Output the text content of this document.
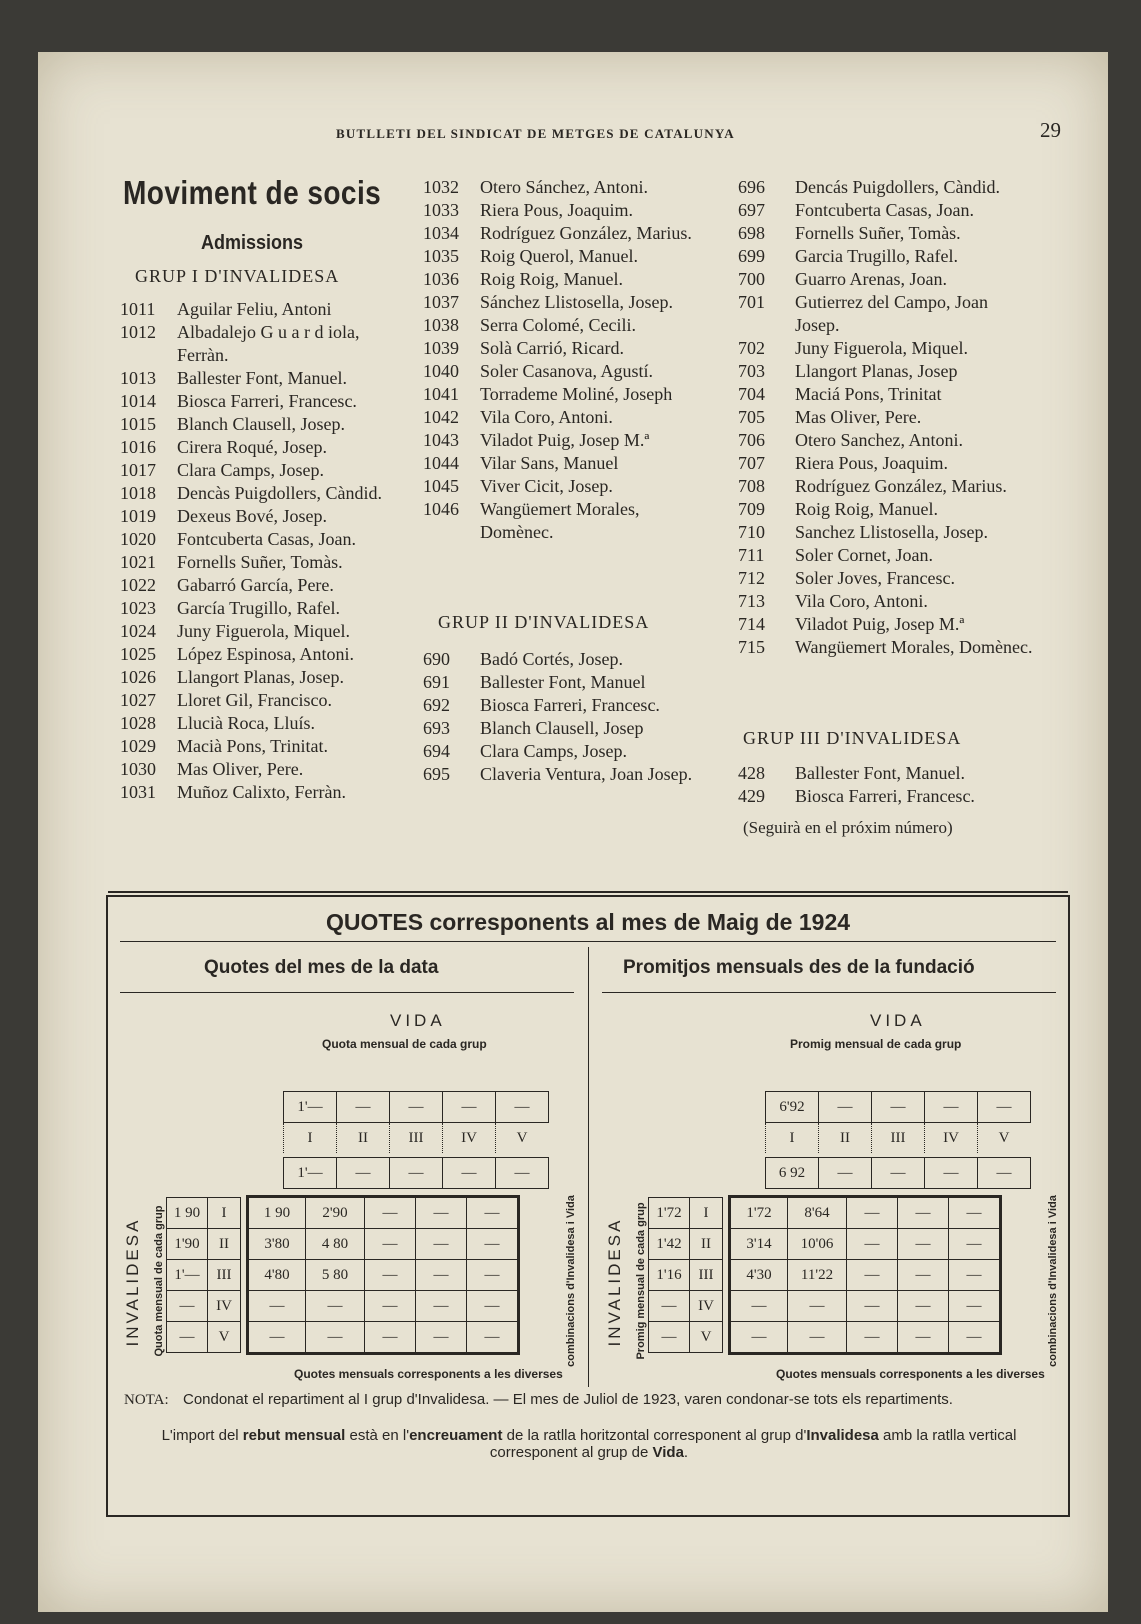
BUTLLETI DEL SINDICAT DE METGES DE CATALUNYA	29
Moviment de socis
Admissions
GRUP I D'INVALIDESA
1011	Aguilar Feliu, Antoni
1012	Albadalejo G u a r d iola, Ferràn.
1013	Ballester Font, Manuel.
1014	Biosca Farreri, Francesc.
1015	Blanch Clausell, Josep.
1016	Cirera Roqué, Josep.
1017	Clara Camps, Josep.
1018	Dencàs Puigdollers, Càndid.
1019	Dexeus Bové, Josep.
1020	Fontcuberta Casas, Joan.
1021	Fornells Suñer, Tomàs.
1022	Gabarró García, Pere.
1023	García Trugillo, Rafel.
1024	Juny Figuerola, Miquel.
1025	López Espinosa, Antoni.
1026	Llangort Planas, Josep.
1027	Lloret Gil, Francisco.
1028	Llucià Roca, Lluís.
1029	Macià Pons, Trinitat.
1030	Mas Oliver, Pere.
1031	Muñoz Calixto, Ferràn.
1032	Otero Sánchez, Antoni.
1033	Riera Pous, Joaquim.
1034	Rodríguez González, Marius.
1035	Roig Querol, Manuel.
1036	Roig Roig, Manuel.
1037	Sánchez Llistosella, Josep.
1038	Serra Colomé, Cecili.
1039	Solà Carrió, Ricard.
1040	Soler Casanova, Agustí.
1041	Torrademe Moliné, Joseph
1042	Vila Coro, Antoni.
1043	Viladot Puig, Josep M.ª
1044	Vilar Sans, Manuel
1045	Viver Cicit, Josep.
1046	Wangüemert Morales, Domènec.
GRUP II D'INVALIDESA
690	Badó Cortés, Josep.
691	Ballester Font, Manuel
692	Biosca Farreri, Francesc.
693	Blanch Clausell, Josep
694	Clara Camps, Josep.
695	Claveria Ventura, Joan Josep.
696	Dencás Puigdollers, Càndid.
697	Fontcuberta Casas, Joan.
698	Fornells Suñer, Tomàs.
699	Garcia Trugillo, Rafel.
700	Guarro Arenas, Joan.
701	Gutierrez del Campo, Joan Josep.
702	Juny Figuerola, Miquel.
703	Llangort Planas, Josep
704	Maciá Pons, Trinitat
705	Mas Oliver, Pere.
706	Otero Sanchez, Antoni.
707	Riera Pous, Joaquim.
708	Rodríguez González, Marius.
709	Roig Roig, Manuel.
710	Sanchez Llistosella, Josep.
711	Soler Cornet, Joan.
712	Soler Joves, Francesc.
713	Vila Coro, Antoni.
714	Viladot Puig, Josep M.ª
715	Wangüemert Morales, Domènec.
GRUP III D'INVALIDESA
428	Ballester Font, Manuel.
429	Biosca Farreri, Francesc.
(Seguirà en el próxim número)
QUOTES corresponents al mes de Maig de 1924
Quotes del mes de la data	Promitjos mensuals des de la fundació
VIDA
Quota mensual de cada grup
VIDA
Promig mensual de cada grup
1'—	—	—	—	—
I	II	III	IV	V
1'—	—	—	—	—
INVALIDESA Quota mensual de cada grup 1 90	I
1'90	II
1'—	III
—	IV
—	V
1 90	2'90	—	—	—
3'80	4 80	—	—	—
4'80	5 80	—	—	—
—	—	—	—	—
—	—	—	—	—	combinacions d'Invalidesa i Vida
Quotes mensuals corresponents a les diverses
6'92	—	—	—	—
I	II	III	IV	V
6 92	—	—	—	—
INVALIDESA Promig mensual de cada grup 1'72	I
1'42	II
1'16	III
—	IV
—	V
1'72	8'64	—	—	—
3'14	10'06	—	—	—
4'30	11'22	—	—	—
—	—	—	—	—
—	—	—	—	—	combinacions d'Invalidesa i Vida
Quotes mensuals corresponents a les diverses
NOTA: Condonat el repartiment al I grup d'Invalidesa. — El mes de Juliol de 1923, varen condonar-se tots els repartiments.
L'import del rebut mensual està en l'encreuament de la ratlla horitzontal corresponent al grup d'Invalidesa amb la ratlla vertical corresponent al grup de Vida.
